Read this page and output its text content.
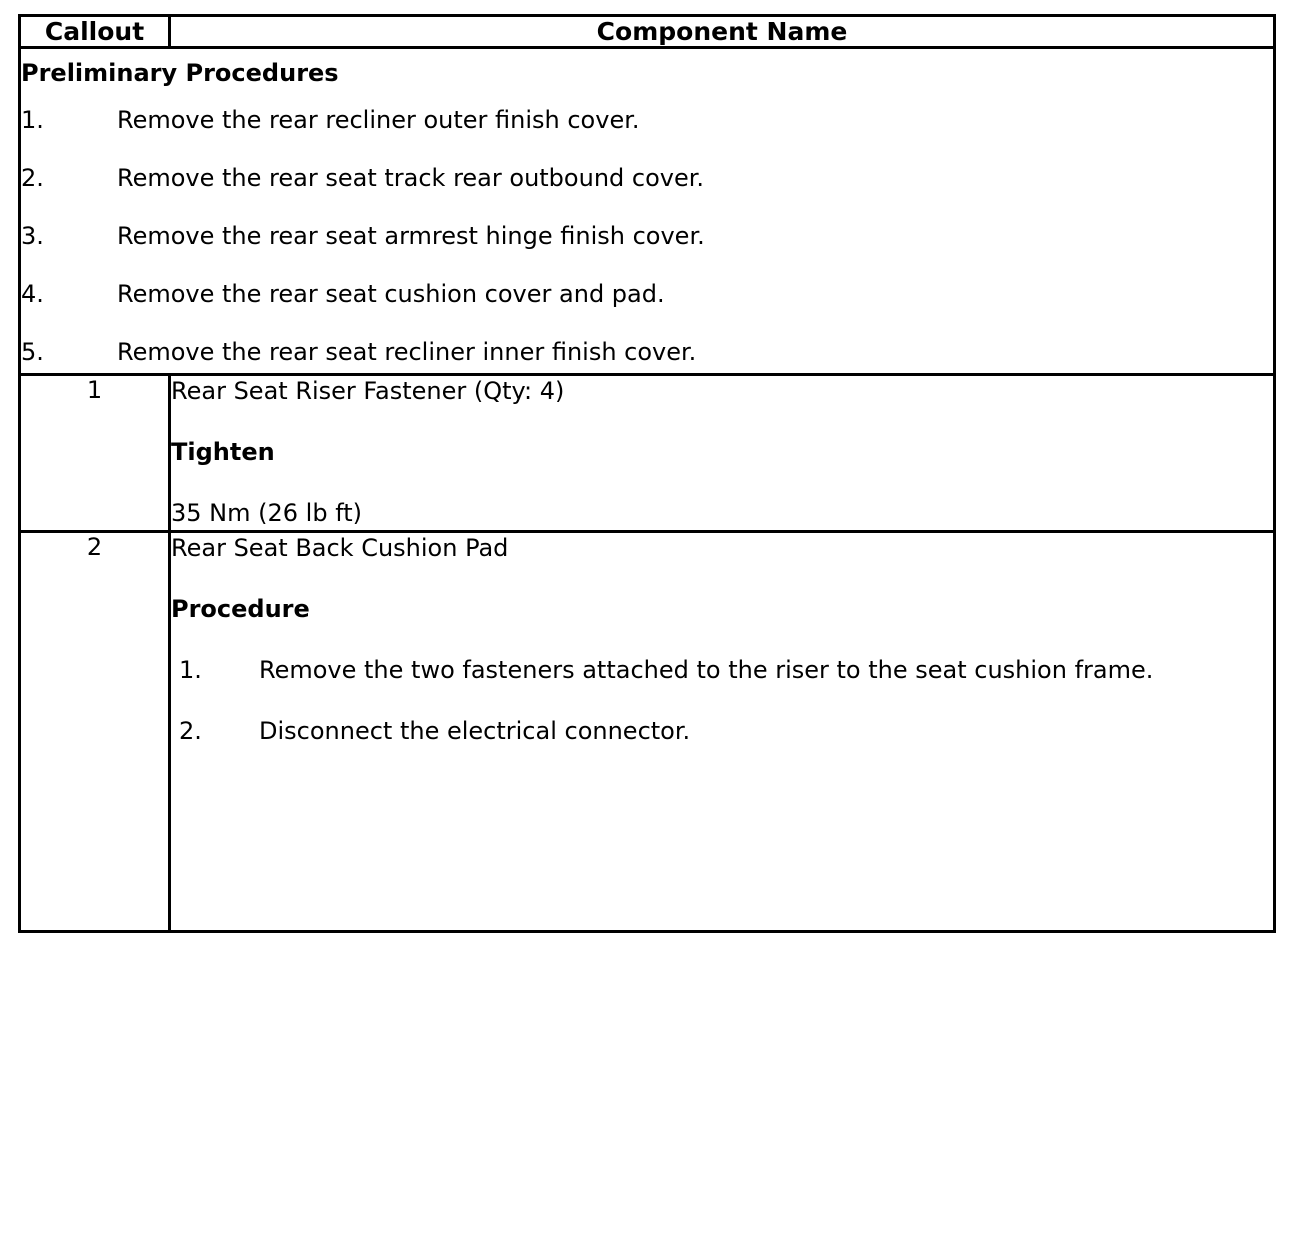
Callout	Component Name

Preliminary Procedures
1.	Remove the rear recliner outer finish cover.
2.	Remove the rear seat track rear outbound cover.
3.	Remove the rear seat armrest hinge finish cover.
4.	Remove the rear seat cushion cover and pad.
5.	Remove the rear seat recliner inner finish cover.

1	Rear Seat Riser Fastener (Qty: 4)
Tighten
35 Nm (26 lb ft)

2	Rear Seat Back Cushion Pad
Procedure
1.	Remove the two fasteners attached to the riser to the seat cushion frame.
2.	Disconnect the electrical connector.
